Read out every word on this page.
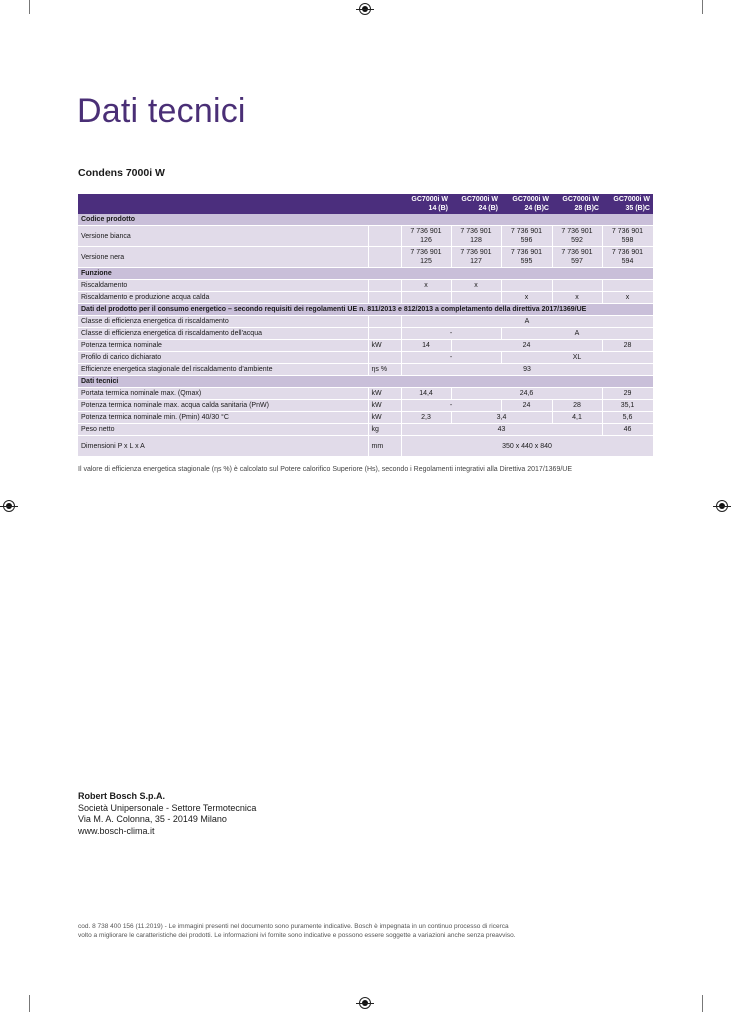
Dati tecnici
Condens 7000i W
		GC7000i W 14 (B)	GC7000i W 24 (B)	GC7000i W 24 (B)C	GC7000i W 28 (B)C	GC7000i W 35 (B)C
Codice prodotto						
Versione bianca		7 736 901 126	7 736 901 128	7 736 901 596	7 736 901 592	7 736 901 598
Versione nera		7 736 901 125	7 736 901 127	7 736 901 595	7 736 901 597	7 736 901 594
Funzione						
Riscaldamento		x	x			
Riscaldamento e produzione acqua calda				x	x	x
Dati del prodotto per il consumo energetico – secondo requisiti dei regolamenti UE n. 811/2013 e 812/2013 a completamento della direttiva 2017/1369/UE						
Classe di efficienza energetica di riscaldamento		A				
Classe di efficienza energetica di riscaldamento dell'acqua		-		A		
Potenza termica nominale	kW	14	24			28
Profilo di carico dichiarato		-		XL		
Efficienze energetica stagionale del riscaldamento d'ambiente	ηs %	93				
Dati tecnici						
Portata termica nominale max. (Qmax)	kW	14,4	24,6			29
Potenza termica nominale max. acqua calda sanitaria (PnW)	kW	-		24	28	35,1
Potenza termica nominale min. (Pmin) 40/30 °C	kW	2,3	3,4		4,1	5,6
Peso netto	kg	43				46
Dimensioni P x L x A	mm	350 x 440 x 840				

Il valore di efficienza energetica stagionale (ηs %) è calcolato sul Potere calorifico Superiore (Hs), secondo i Regolamenti integrativi alla Direttiva 2017/1369/UE

Robert Bosch S.p.A.
Società Unipersonale - Settore Termotecnica
Via M. A. Colonna, 35 - 20149 Milano
www.bosch-clima.it
cod. 8 738 400 156 (11.2019) - Le immagini presenti nel documento sono puramente indicative. Bosch è impegnata in un continuo processo di ricerca
volto a migliorare le caratteristiche dei prodotti. Le informazioni ivi fornite sono indicative e possono essere soggette a variazioni anche senza preavviso.
